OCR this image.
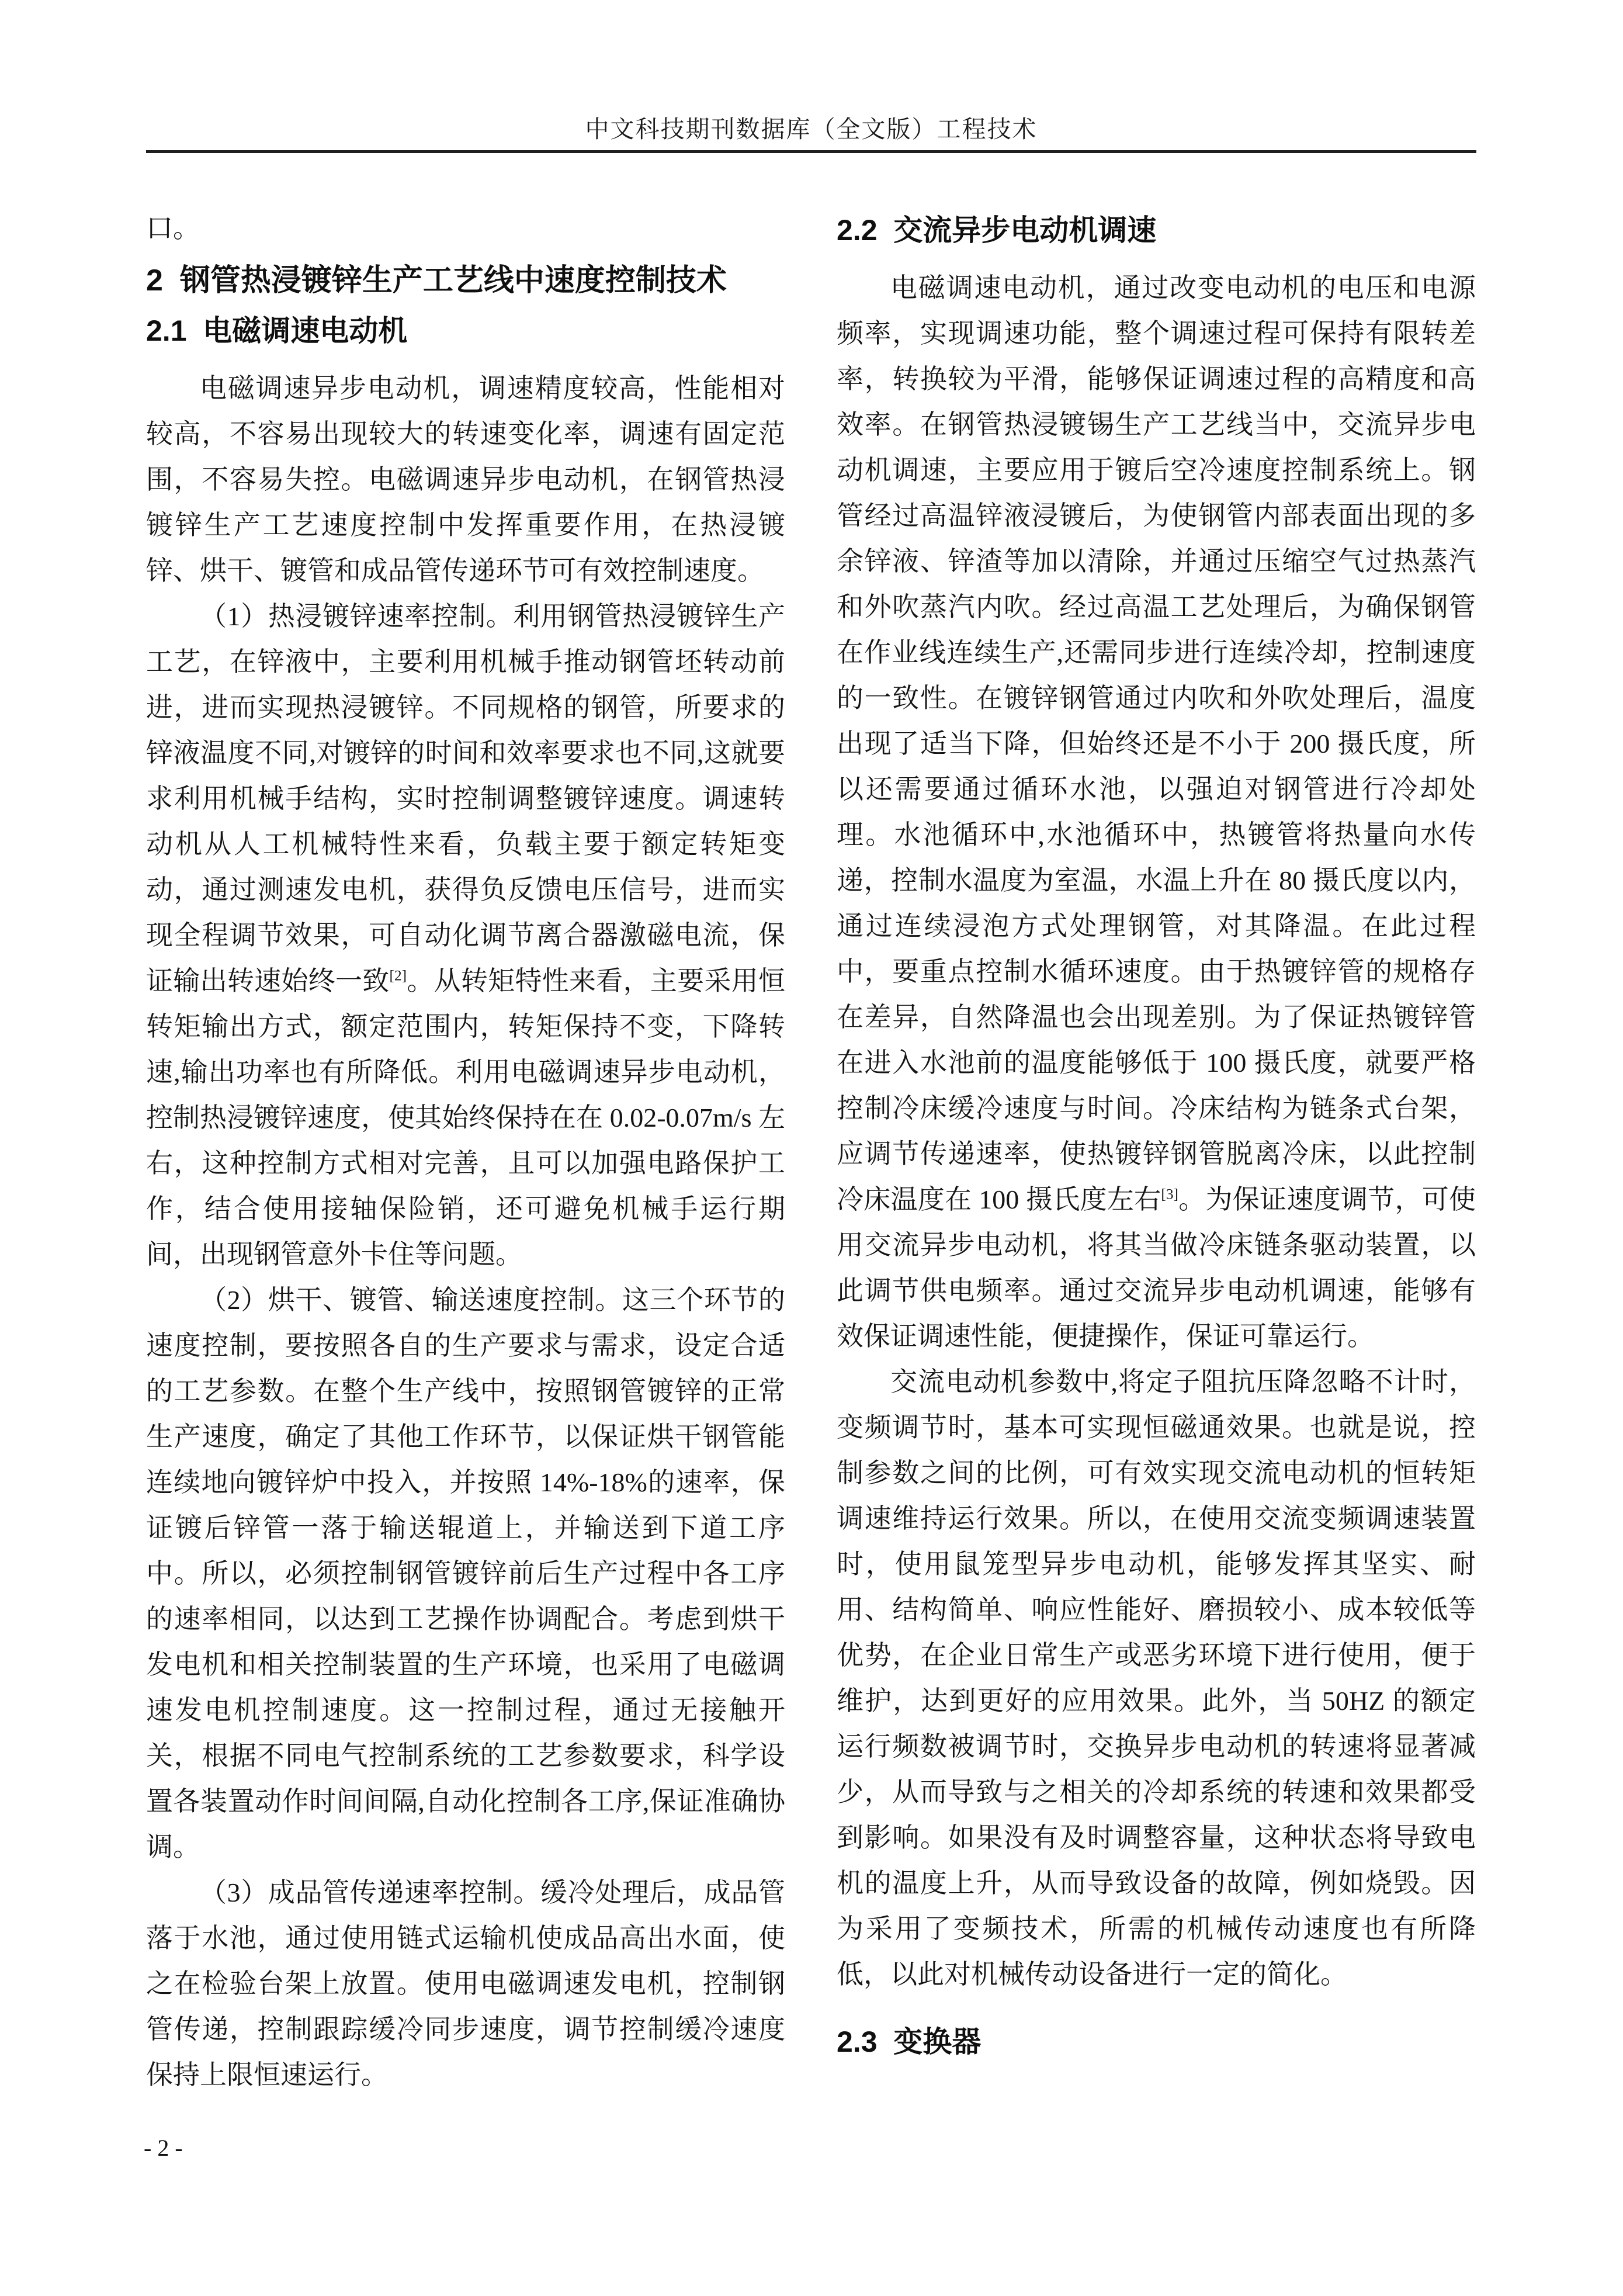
中文科技期刊数据库（全文版）工程技术

口。

2  钢管热浸镀锌生产工艺线中速度控制技术
2.1  电磁调速电动机

电磁调速异步电动机，调速精度较高，性能相对较高，不容易出现较大的转速变化率，调速有固定范围，不容易失控。电磁调速异步电动机，在钢管热浸镀锌生产工艺速度控制中发挥重要作用，在热浸镀锌、烘干、镀管和成品管传递环节可有效控制速度。

（1）热浸镀锌速率控制。利用钢管热浸镀锌生产工艺，在锌液中，主要利用机械手推动钢管坯转动前进，进而实现热浸镀锌。不同规格的钢管，所要求的锌液温度不同,对镀锌的时间和效率要求也不同,这就要求利用机械手结构，实时控制调整镀锌速度。调速转动机从人工机械特性来看，负载主要于额定转矩变动，通过测速发电机，获得负反馈电压信号，进而实现全程调节效果，可自动化调节离合器激磁电流，保证输出转速始终一致[2]。从转矩特性来看，主要采用恒转矩输出方式，额定范围内，转矩保持不变，下降转速,输出功率也有所降低。利用电磁调速异步电动机，控制热浸镀锌速度，使其始终保持在在 0.02-0.07m/s 左右，这种控制方式相对完善，且可以加强电路保护工作，结合使用接轴保险销，还可避免机械手运行期间，出现钢管意外卡住等问题。

（2）烘干、镀管、输送速度控制。这三个环节的速度控制，要按照各自的生产要求与需求，设定合适的工艺参数。在整个生产线中，按照钢管镀锌的正常生产速度，确定了其他工作环节，以保证烘干钢管能连续地向镀锌炉中投入，并按照 14%-18%的速率，保证镀后锌管一落于输送辊道上，并输送到下道工序中。所以，必须控制钢管镀锌前后生产过程中各工序的速率相同，以达到工艺操作协调配合。考虑到烘干发电机和相关控制装置的生产环境，也采用了电磁调速发电机控制速度。这一控制过程，通过无接触开关，根据不同电气控制系统的工艺参数要求，科学设置各装置动作时间间隔,自动化控制各工序,保证准确协调。

（3）成品管传递速率控制。缓冷处理后，成品管落于水池，通过使用链式运输机使成品高出水面，使之在检验台架上放置。使用电磁调速发电机，控制钢管传递，控制跟踪缓冷同步速度，调节控制缓冷速度保持上限恒速运行。

2.2  交流异步电动机调速

电磁调速电动机，通过改变电动机的电压和电源频率，实现调速功能，整个调速过程可保持有限转差率，转换较为平滑，能够保证调速过程的高精度和高效率。在钢管热浸镀锡生产工艺线当中，交流异步电动机调速，主要应用于镀后空冷速度控制系统上。钢管经过高温锌液浸镀后，为使钢管内部表面出现的多余锌液、锌渣等加以清除，并通过压缩空气过热蒸汽和外吹蒸汽内吹。经过高温工艺处理后，为确保钢管在作业线连续生产,还需同步进行连续冷却，控制速度的一致性。在镀锌钢管通过内吹和外吹处理后，温度出现了适当下降，但始终还是不小于 200 摄氏度，所以还需要通过循环水池，以强迫对钢管进行冷却处理。水池循环中,水池循环中，热镀管将热量向水传递，控制水温度为室温，水温上升在 80 摄氏度以内，通过连续浸泡方式处理钢管，对其降温。在此过程中，要重点控制水循环速度。由于热镀锌管的规格存在差异，自然降温也会出现差别。为了保证热镀锌管在进入水池前的温度能够低于 100 摄氏度，就要严格控制冷床缓冷速度与时间。冷床结构为链条式台架，应调节传递速率，使热镀锌钢管脱离冷床，以此控制冷床温度在 100 摄氏度左右[3]。为保证速度调节，可使用交流异步电动机，将其当做冷床链条驱动装置，以此调节供电频率。通过交流异步电动机调速，能够有效保证调速性能，便捷操作，保证可靠运行。

交流电动机参数中,将定子阻抗压降忽略不计时，变频调节时，基本可实现恒磁通效果。也就是说，控制参数之间的比例，可有效实现交流电动机的恒转矩调速维持运行效果。所以，在使用交流变频调速装置时，使用鼠笼型异步电动机，能够发挥其坚实、耐用、结构简单、响应性能好、磨损较小、成本较低等优势，在企业日常生产或恶劣环境下进行使用，便于维护，达到更好的应用效果。此外，当 50HZ 的额定运行频数被调节时，交换异步电动机的转速将显著减少，从而导致与之相关的冷却系统的转速和效果都受到影响。如果没有及时调整容量，这种状态将导致电机的温度上升，从而导致设备的故障，例如烧毁。因为采用了变频技术，所需的机械传动速度也有所降低，以此对机械传动设备进行一定的简化。

2.3  变换器
- 2 -
